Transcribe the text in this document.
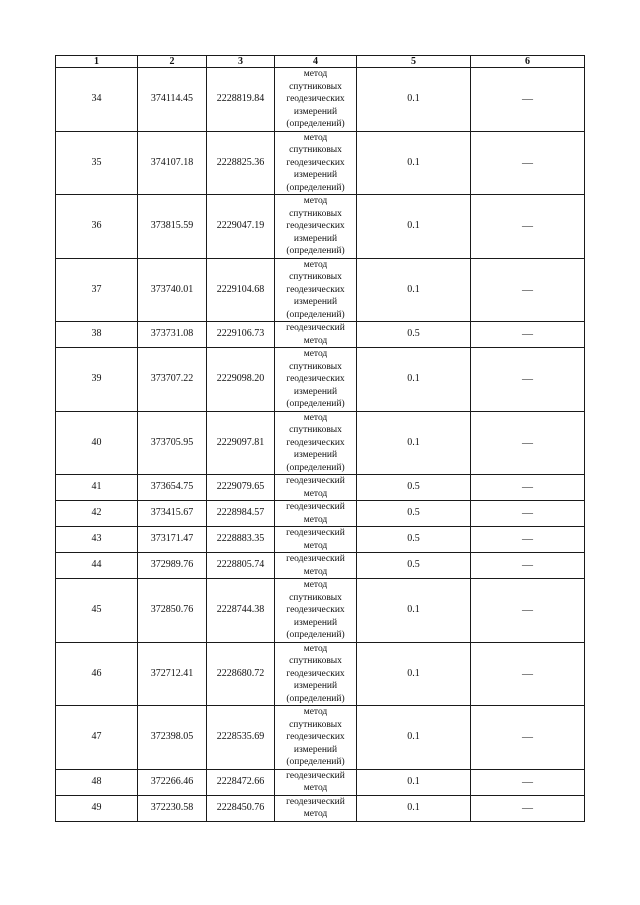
1	2	3	4	5	6
34	374114.45	2228819.84	метод спутниковых геодезических измерений (определений)	0.1	—
35	374107.18	2228825.36	метод спутниковых геодезических измерений (определений)	0.1	—
36	373815.59	2229047.19	метод спутниковых геодезических измерений (определений)	0.1	—
37	373740.01	2229104.68	метод спутниковых геодезических измерений (определений)	0.1	—
38	373731.08	2229106.73	геодезический метод	0.5	—
39	373707.22	2229098.20	метод спутниковых геодезических измерений (определений)	0.1	—
40	373705.95	2229097.81	метод спутниковых геодезических измерений (определений)	0.1	—
41	373654.75	2229079.65	геодезический метод	0.5	—
42	373415.67	2228984.57	геодезический метод	0.5	—
43	373171.47	2228883.35	геодезический метод	0.5	—
44	372989.76	2228805.74	геодезический метод	0.5	—
45	372850.76	2228744.38	метод спутниковых геодезических измерений (определений)	0.1	—
46	372712.41	2228680.72	метод спутниковых геодезических измерений (определений)	0.1	—
47	372398.05	2228535.69	метод спутниковых геодезических измерений (определений)	0.1	—
48	372266.46	2228472.66	геодезический метод	0.1	—
49	372230.58	2228450.76	геодезический метод	0.1	—
